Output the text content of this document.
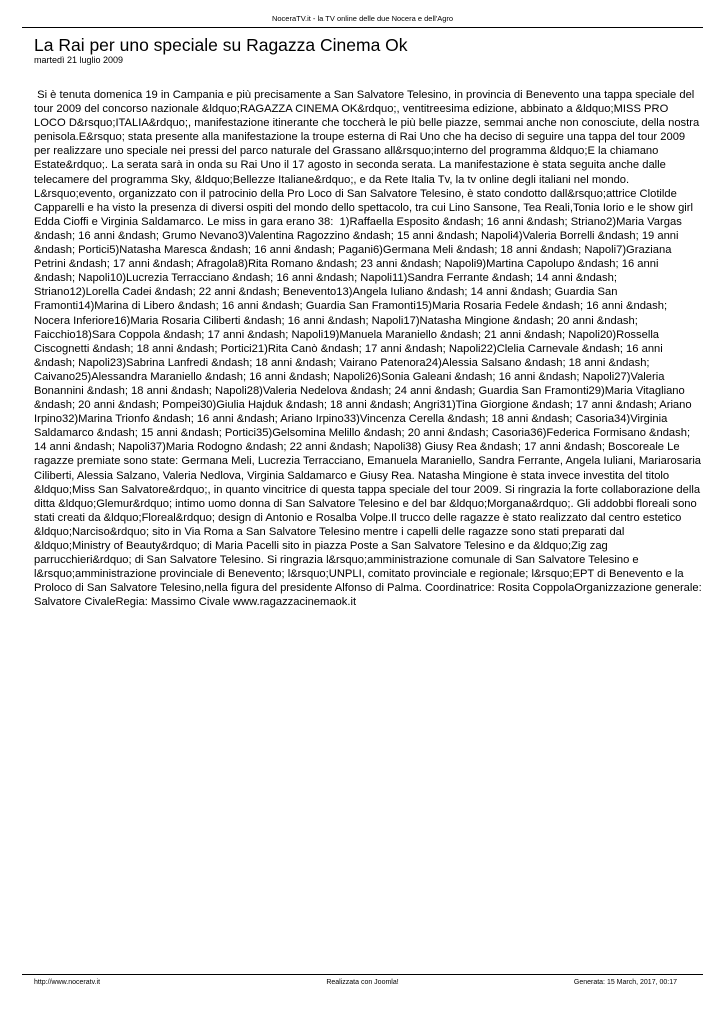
NoceraTV.it - la TV online delle due Nocera e dell'Agro
La Rai per uno speciale su Ragazza Cinema Ok
martedì 21 luglio 2009

Si è tenuta domenica 19 in Campania e più precisamente a San Salvatore Telesino, in provincia di Benevento una tappa speciale del tour 2009 del concorso nazionale &ldquo;RAGAZZA CINEMA OK&rdquo;, ventitreesima edizione, abbinato a &ldquo;MISS PRO LOCO D&rsquo;ITALIA&rdquo;, manifestazione itinerante che toccherà le più belle piazze, semmai anche non conosciute, della nostra penisola.E&rsquo; stata presente alla manifestazione la troupe esterna di Rai Uno che ha deciso di seguire una tappa del tour 2009 per realizzare uno speciale nei pressi del parco naturale del Grassano all&rsquo;interno del programma &ldquo;E la chiamano Estate&rdquo;. La serata sarà in onda su Rai Uno il 17 agosto in seconda serata. La manifestazione è stata seguita anche dalle telecamere del programma Sky, &ldquo;Bellezze Italiane&rdquo;, e da Rete Italia Tv, la tv online degli italiani nel mondo.  L&rsquo;evento, organizzato con il patrocinio della Pro Loco di San Salvatore Telesino, è stato condotto dall&rsquo;attrice Clotilde Capparelli e ha visto la presenza di diversi ospiti del mondo dello spettacolo, tra cui Lino Sansone, Tea Reali,Tonia Iorio e le show girl Edda Cioffi e Virginia Saldamarco. Le miss in gara erano 38:  1)Raffaella Esposito &ndash; 16 anni &ndash; Striano2)Maria Vargas &ndash; 16 anni &ndash; Grumo Nevano3)Valentina Ragozzino &ndash; 15 anni &ndash; Napoli4)Valeria Borrelli &ndash; 19 anni &ndash; Portici5)Natasha Maresca &ndash; 16 anni &ndash; Pagani6)Germana Meli &ndash; 18 anni &ndash; Napoli7)Graziana Petrini &ndash; 17 anni &ndash; Afragola8)Rita Romano &ndash; 23 anni &ndash; Napoli9)Martina Capolupo &ndash; 16 anni &ndash; Napoli10)Lucrezia Terracciano &ndash; 16 anni &ndash; Napoli11)Sandra Ferrante &ndash; 14 anni &ndash; Striano12)Lorella Cadei &ndash; 22 anni &ndash; Benevento13)Angela Iuliano &ndash; 14 anni &ndash; Guardia San Framonti14)Marina di Libero &ndash; 16 anni &ndash; Guardia San Framonti15)Maria Rosaria Fedele &ndash; 16 anni &ndash; Nocera Inferiore16)Maria Rosaria Ciliberti &ndash; 16 anni &ndash; Napoli17)Natasha Mingione &ndash; 20 anni &ndash; Faicchio18)Sara Coppola &ndash; 17 anni &ndash; Napoli19)Manuela Maraniello &ndash; 21 anni &ndash; Napoli20)Rossella Ciscognetti &ndash; 18 anni &ndash; Portici21)Rita Canò &ndash; 17 anni &ndash; Napoli22)Clelia Carnevale &ndash; 16 anni &ndash; Napoli23)Sabrina Lanfredi &ndash; 18 anni &ndash; Vairano Patenora24)Alessia Salsano &ndash; 18 anni &ndash; Caivano25)Alessandra Maraniello &ndash; 16 anni &ndash; Napoli26)Sonia Galeani &ndash; 16 anni &ndash; Napoli27)Valeria Bonannini &ndash; 18 anni &ndash; Napoli28)Valeria Nedelova &ndash; 24 anni &ndash; Guardia San Framonti29)Maria Vitagliano &ndash; 20 anni &ndash; Pompei30)Giulia Hajduk &ndash; 18 anni &ndash; Angri31)Tina Giorgione &ndash; 17 anni &ndash; Ariano Irpino32)Marina Trionfo &ndash; 16 anni &ndash; Ariano Irpino33)Vincenza Cerella &ndash; 18 anni &ndash; Casoria34)Virginia Saldamarco &ndash; 15 anni &ndash; Portici35)Gelsomina Melillo &ndash; 20 anni &ndash; Casoria36)Federica Formisano &ndash; 14 anni &ndash; Napoli37)Maria Rodogno &ndash; 22 anni &ndash; Napoli38) Giusy Rea &ndash; 17 anni &ndash; Boscoreale Le ragazze premiate sono state: Germana Meli, Lucrezia Terracciano, Emanuela Maraniello, Sandra Ferrante, Angela Iuliani, Mariarosaria Ciliberti, Alessia Salzano, Valeria Nedlova, Virginia Saldamarco e Giusy Rea. Natasha Mingione è stata invece investita del titolo &ldquo;Miss San Salvatore&rdquo;, in quanto vincitrice di questa tappa speciale del tour 2009. Si ringrazia la forte collaborazione della ditta &ldquo;Glemur&rdquo; intimo uomo donna di San Salvatore Telesino e del bar &ldquo;Morgana&rdquo;. Gli addobbi floreali sono stati creati da &ldquo;Floreal&rdquo; design di Antonio e Rosalba Volpe.Il trucco delle ragazze è stato realizzato dal centro estetico &ldquo;Narciso&rdquo; sito in Via Roma a San Salvatore Telesino mentre i capelli delle ragazze sono stati preparati dal &ldquo;Ministry of Beauty&rdquo; di Maria Pacelli sito in piazza Poste a San Salvatore Telesino e da &ldquo;Zig zag parrucchieri&rdquo; di San Salvatore Telesino. Si ringrazia l&rsquo;amministrazione comunale di San Salvatore Telesino e l&rsquo;amministrazione provinciale di Benevento; l&rsquo;UNPLI, comitato provinciale e regionale; l&rsquo;EPT di Benevento e la Proloco di San Salvatore Telesino,nella figura del presidente Alfonso di Palma. Coordinatrice: Rosita CoppolaOrganizzazione generale: Salvatore CivaleRegia: Massimo Civale www.ragazzacinemaok.it

http://www.noceratv.it	Realizzata con Joomla!	Generata: 15 March, 2017, 00:17
